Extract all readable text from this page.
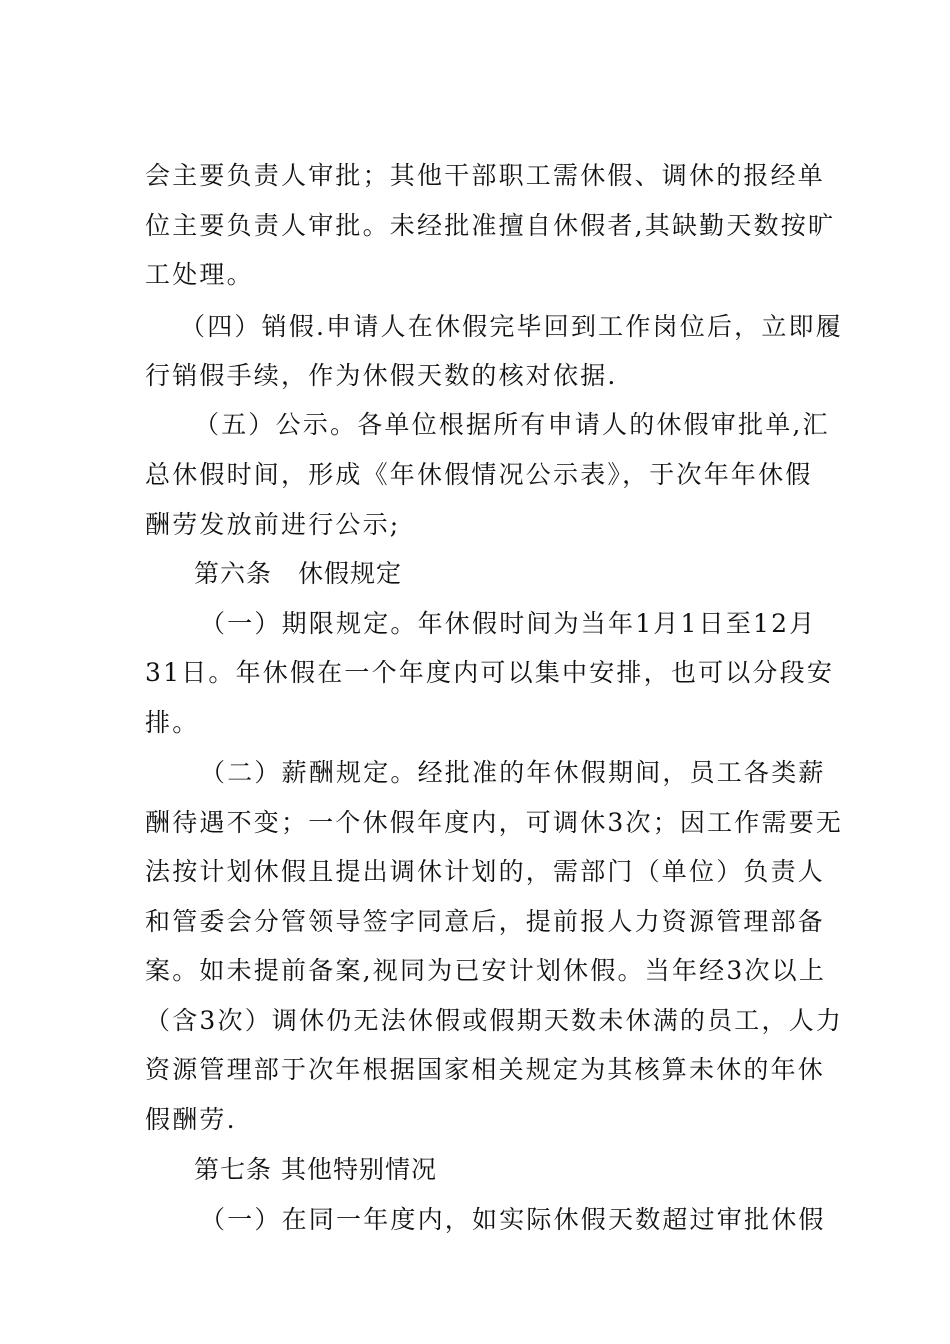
会主要负责人审批；其他干部职工需休假、调休的报经单

位主要负责人审批。未经批准擅自休假者,其缺勤天数按旷

工处理。

（四）销假.申请人在休假完毕回到工作岗位后，立即履

行销假手续，作为休假天数的核对依据.

（五）公示。各单位根据所有申请人的休假审批单,汇

总休假时间，形成《年休假情况公示表》，于次年年休假

酬劳发放前进行公示;

第六条　休假规定

（一）期限规定。年休假时间为当年1月1日至12月

31日。年休假在一个年度内可以集中安排，也可以分段安

排。

（二）薪酬规定。经批准的年休假期间，员工各类薪

酬待遇不变；一个休假年度内，可调休3次；因工作需要无

法按计划休假且提出调休计划的，需部门（单位）负责人

和管委会分管领导签字同意后，提前报人力资源管理部备

案。如未提前备案,视同为已安计划休假。当年经3次以上

（含3次）调休仍无法休假或假期天数未休满的员工，人力

资源管理部于次年根据国家相关规定为其核算未休的年休

假酬劳.

第七条 其他特别情况

（一）在同一年度内，如实际休假天数超过审批休假
